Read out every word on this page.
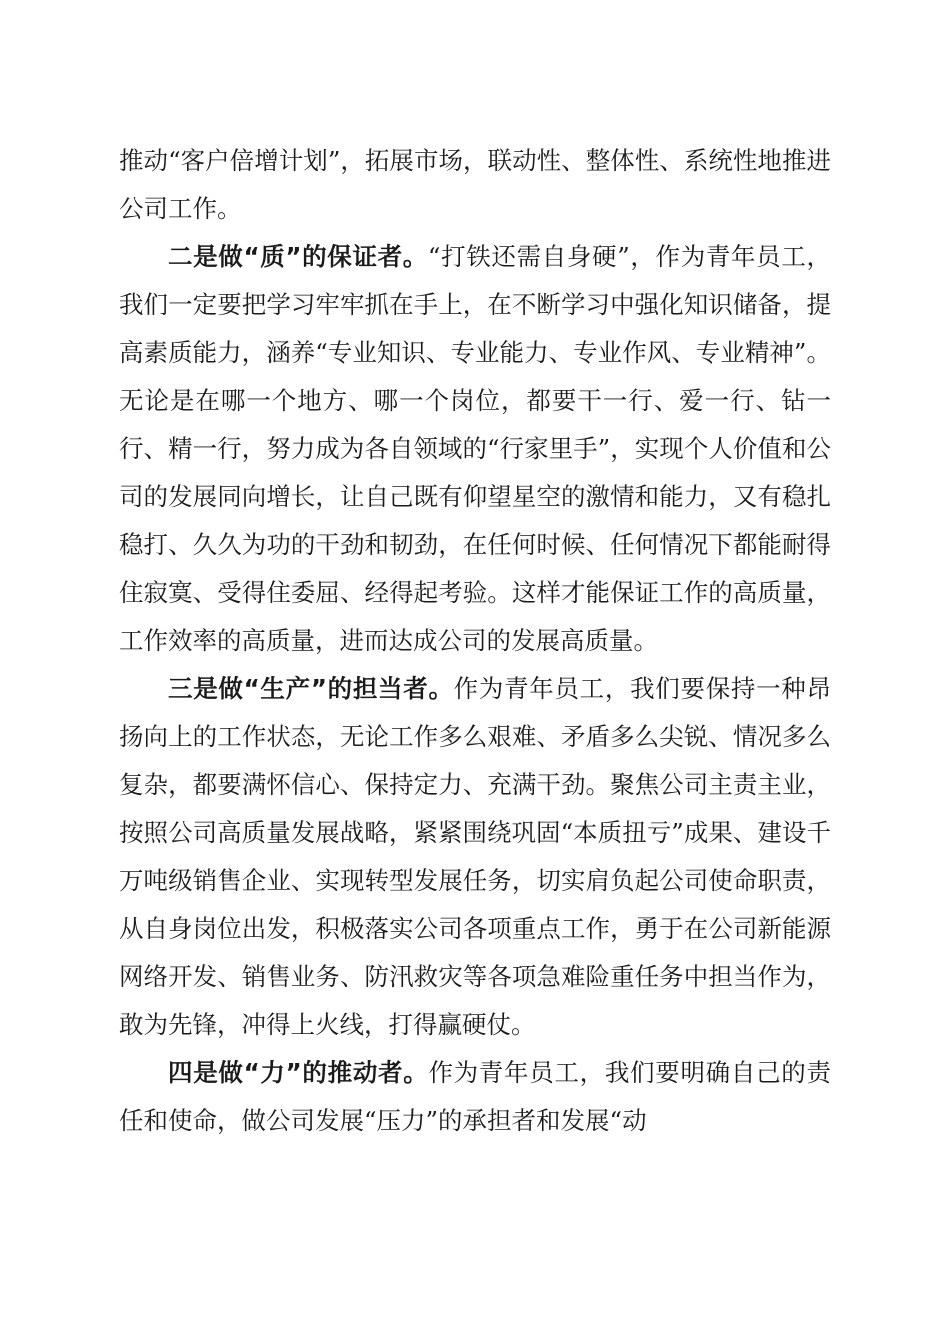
推动“客户倍增计划”，拓展市场，联动性、整体性、系统性地推进公司工作。

二是做“质”的保证者。“打铁还需自身硬”，作为青年员工，我们一定要把学习牢牢抓在手上，在不断学习中强化知识储备，提高素质能力，涵养“专业知识、专业能力、专业作风、专业精神”。无论是在哪一个地方、哪一个岗位，都要干一行、爱一行、钻一行、精一行，努力成为各自领域的“行家里手”，实现个人价值和公司的发展同向增长，让自己既有仰望星空的激情和能力，又有稳扎稳打、久久为功的干劲和韧劲，在任何时候、任何情况下都能耐得住寂寞、受得住委屈、经得起考验。这样才能保证工作的高质量，工作效率的高质量，进而达成公司的发展高质量。

三是做“生产”的担当者。作为青年员工，我们要保持一种昂扬向上的工作状态，无论工作多么艰难、矛盾多么尖锐、情况多么复杂，都要满怀信心、保持定力、充满干劲。聚焦公司主责主业，按照公司高质量发展战略，紧紧围绕巩固“本质扭亏”成果、建设千万吨级销售企业、实现转型发展任务，切实肩负起公司使命职责，从自身岗位出发，积极落实公司各项重点工作，勇于在公司新能源网络开发、销售业务、防汛救灾等各项急难险重任务中担当作为，敢为先锋，冲得上火线，打得赢硬仗。

四是做“力”的推动者。作为青年员工，我们要明确自己的责任和使命，做公司发展“压力”的承担者和发展“动
